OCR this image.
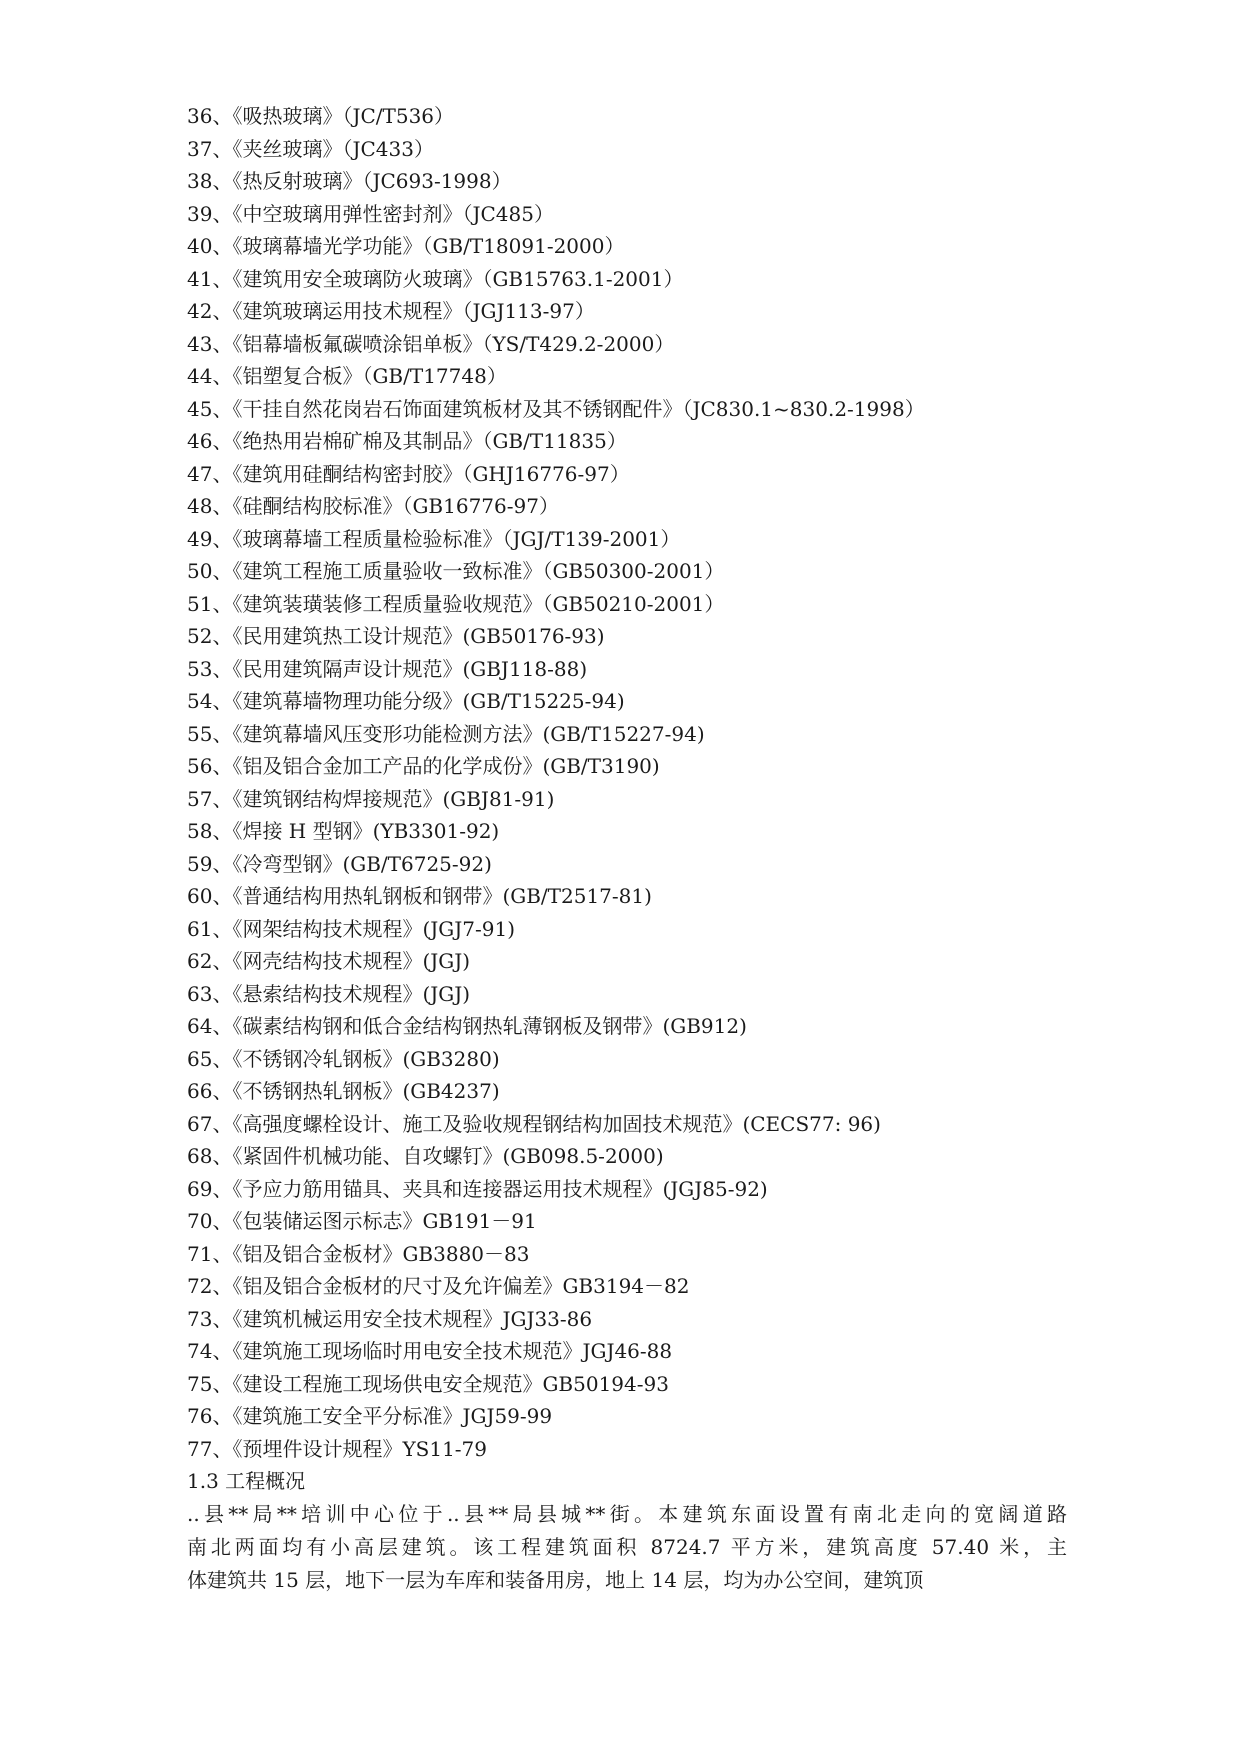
36、《吸热玻璃》（JC/T536）
37、《夹丝玻璃》（JC433）
38、《热反射玻璃》（JC693-1998）
39、《中空玻璃用弹性密封剂》（JC485）
40、《玻璃幕墙光学功能》（GB/T18091-2000）
41、《建筑用安全玻璃防火玻璃》（GB15763.1-2001）
42、《建筑玻璃运用技术规程》（JGJ113-97）
43、《铝幕墙板氟碳喷涂铝单板》（YS/T429.2-2000）
44、《铝塑复合板》（GB/T17748）
45、《干挂自然花岗岩石饰面建筑板材及其不锈钢配件》（JC830.1~830.2-1998）
46、《绝热用岩棉矿棉及其制品》（GB/T11835）
47、《建筑用硅酮结构密封胶》（GHJ16776-97）
48、《硅酮结构胶标准》（GB16776-97）
49、《玻璃幕墙工程质量检验标准》（JGJ/T139-2001）
50、《建筑工程施工质量验收一致标准》（GB50300-2001）
51、《建筑装璜装修工程质量验收规范》（GB50210-2001）
52、《民用建筑热工设计规范》(GB50176-93)
53、《民用建筑隔声设计规范》(GBJ118-88)
54、《建筑幕墙物理功能分级》(GB/T15225-94)
55、《建筑幕墙风压变形功能检测方法》(GB/T15227-94)
56、《铝及铝合金加工产品的化学成份》(GB/T3190)
57、《建筑钢结构焊接规范》(GBJ81-91)
58、《焊接 H 型钢》(YB3301-92)
59、《冷弯型钢》(GB/T6725-92)
60、《普通结构用热轧钢板和钢带》(GB/T2517-81)
61、《网架结构技术规程》(JGJ7-91)
62、《网壳结构技术规程》(JGJ)
63、《悬索结构技术规程》(JGJ)
64、《碳素结构钢和低合金结构钢热轧薄钢板及钢带》(GB912)
65、《不锈钢冷轧钢板》(GB3280)
66、《不锈钢热轧钢板》(GB4237)
67、《高强度螺栓设计、施工及验收规程钢结构加固技术规范》(CECS77: 96)
68、《紧固件机械功能、自攻螺钉》(GB098.5-2000)
69、《予应力筋用锚具、夹具和连接器运用技术规程》(JGJ85-92)
70、《包装储运图示标志》GB191－91
71、《铝及铝合金板材》GB3880－83
72、《铝及铝合金板材的尺寸及允许偏差》GB3194－82
73、《建筑机械运用安全技术规程》JGJ33-86
74、《建筑施工现场临时用电安全技术规范》JGJ46-88
75、《建设工程施工现场供电安全规范》GB50194-93
76、《建筑施工安全平分标准》JGJ59-99
77、《预埋件设计规程》YS11-79
1.3 工程概况

..县**局**培训中心位于..县**局县城**街。本建筑东面设置有南北走向的宽阔道路
南北两面均有小高层建筑。该工程建筑面积 8724.7 平方米，建筑高度 57.40 米，主
体建筑共 15 层，地下一层为车库和装备用房，地上 14 层，均为办公空间，建筑顶
